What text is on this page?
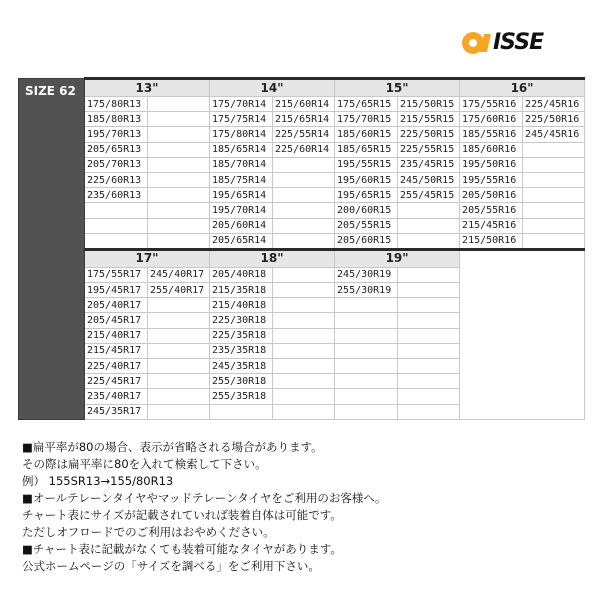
ISSE
SIZE 62	13"		14"		15"		16"	
	175/80R13		175/70R14	215/60R14	175/65R15	215/50R15	175/55R16	225/45R16
	185/80R13		175/75R14	215/65R14	175/70R15	215/55R15	175/60R16	225/50R16
	195/70R13		175/80R14	225/55R14	185/60R15	225/50R15	185/55R16	245/45R16
	205/65R13		185/65R14	225/60R14	185/65R15	225/55R15	185/60R16	
	205/70R13		185/70R14		195/55R15	235/45R15	195/50R16	
	225/60R13		185/75R14		195/60R15	245/50R15	195/55R16	
	235/60R13		195/65R14		195/65R15	255/45R15	205/50R16	
			195/70R14		200/60R15		205/55R16	
			205/60R14		205/55R15		215/45R16	
			205/65R14		205/60R15		215/50R16	
	17"		18"		19"			
	175/55R17	245/40R17	205/40R18		245/30R19			
	195/45R17	255/40R17	215/35R18		255/30R19			
	205/40R17		215/40R18					
	205/45R17		225/30R18					
	215/40R17		225/35R18					
	215/45R17		235/35R18					
	225/40R17		245/35R18					
	225/45R17		255/30R18					
	235/40R17		255/35R18					
	245/35R17							
■扁平率が80の場合、表示が省略される場合があります。
その際は扁平率に80を入れて検索して下さい。
例） 155SR13→155/80R13
■オールテレーンタイヤやマッドテレーンタイヤをご利用のお客様へ。
チャート表にサイズが記載されていれば装着自体は可能です。
ただしオフロードでのご利用はおやめください。
■チャート表に記載がなくても装着可能なタイヤがあります。
公式ホームページの「サイズを調べる」をご利用下さい。
